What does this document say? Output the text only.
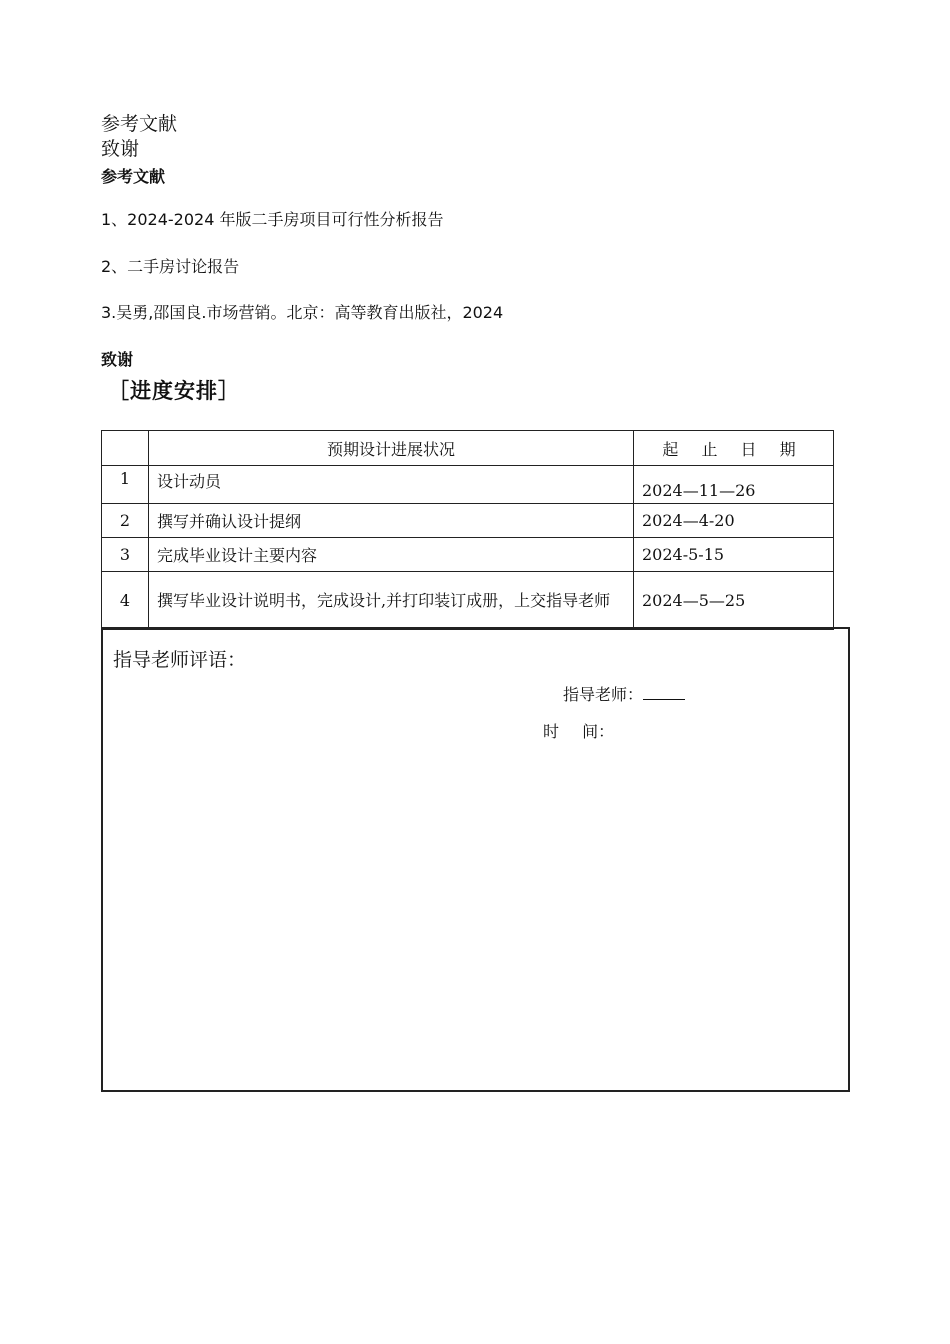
参考文献
致谢
参考文献
1、2024-2024 年版二手房项目可行性分析报告
2、二手房讨论报告
3.吴勇,邵国良.市场营销。北京：高等教育出版社，2024
致谢
［进度安排］
	预期设计进展状况	起 止 日 期
1	设计动员	2024—11—26
2	撰写并确认设计提纲	2024—4-20
3	完成毕业设计主要内容	2024-5-15
4	撰写毕业设计说明书，完成设计,并打印装订成册，上交指导老师	2024—5—25
指导老师评语：
指导老师：
时 间：
